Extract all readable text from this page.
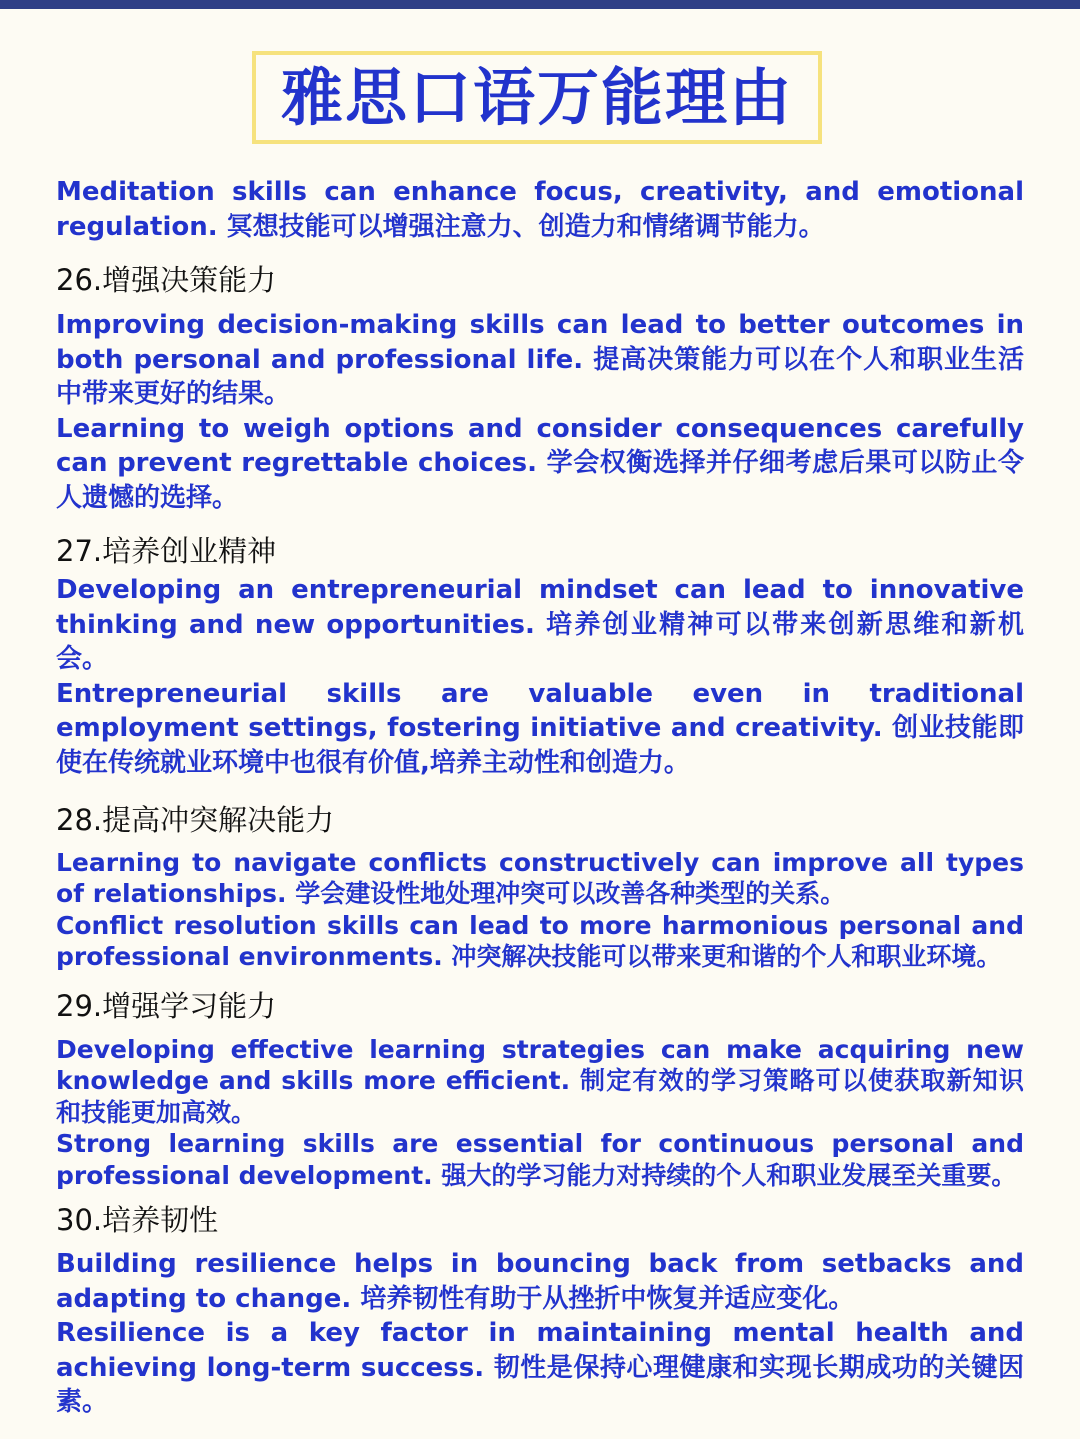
雅思口语万能理由

Meditation skills can enhance focus, creativity, and emotional regulation. 冥想技能可以增强注意力、创造力和情绪调节能力。

26.增强决策能力

Improving decision-making skills can lead to better outcomes in both personal and professional life. 提高决策能力可以在个人和职业生活中带来更好的结果。

Learning to weigh options and consider consequences carefully can prevent regrettable choices. 学会权衡选择并仔细考虑后果可以防止令人遗憾的选择。

27.培养创业精神

Developing an entrepreneurial mindset can lead to innovative thinking and new opportunities. 培养创业精神可以带来创新思维和新机会。

Entrepreneurial skills are valuable even in traditional employment settings, fostering initiative and creativity. 创业技能即使在传统就业环境中也很有价值,培养主动性和创造力。

28.提高冲突解决能力

Learning to navigate conflicts constructively can improve all types of relationships. 学会建设性地处理冲突可以改善各种类型的关系。

Conflict resolution skills can lead to more harmonious personal and professional environments. 冲突解决技能可以带来更和谐的个人和职业环境。

29.增强学习能力

Developing effective learning strategies can make acquiring new knowledge and skills more efficient. 制定有效的学习策略可以使获取新知识和技能更加高效。

Strong learning skills are essential for continuous personal and professional development. 强大的学习能力对持续的个人和职业发展至关重要。

30.培养韧性

Building resilience helps in bouncing back from setbacks and adapting to change. 培养韧性有助于从挫折中恢复并适应变化。

Resilience is a key factor in maintaining mental health and achieving long-term success. 韧性是保持心理健康和实现长期成功的关键因素。
